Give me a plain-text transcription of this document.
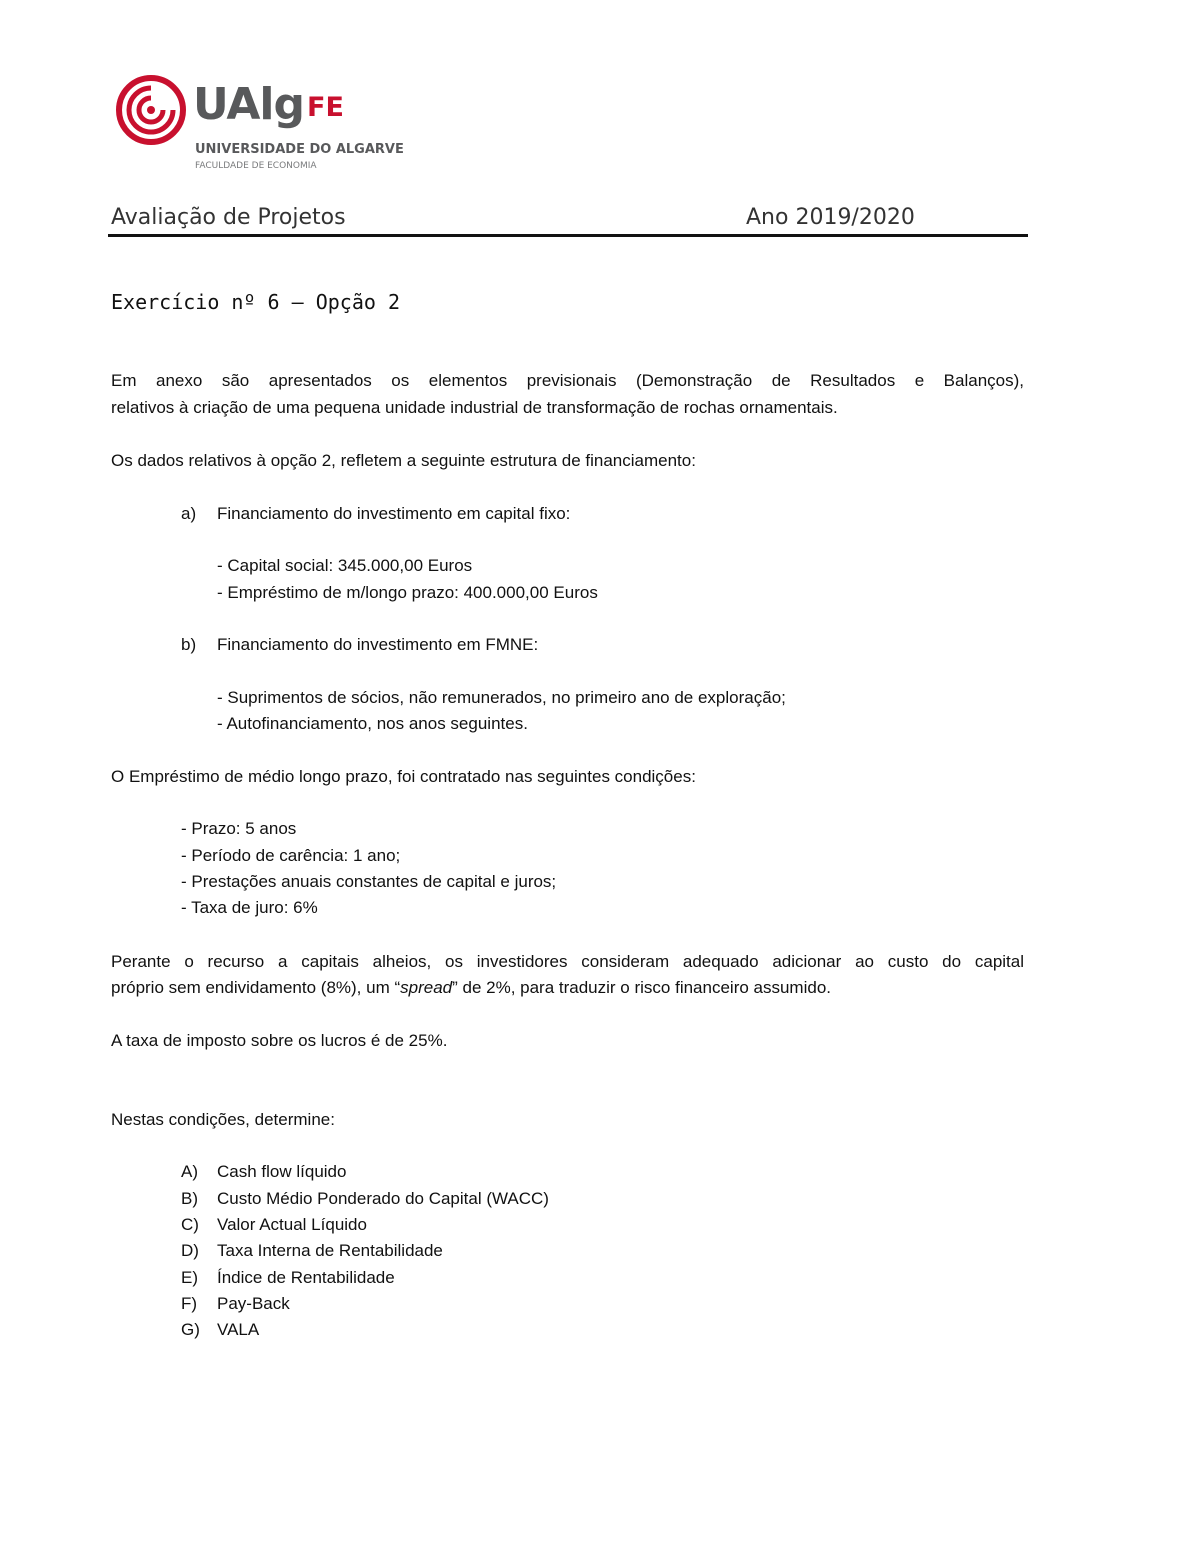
UAlg FE
UNIVERSIDADE DO ALGARVE
FACULDADE DE ECONOMIA
Avaliação de Projetos	Ano 2019/2020
Exercício nº 6 – Opção 2
Em anexo são apresentados os elementos previsionais (Demonstração de Resultados e Balanços),
relativos à criação de uma pequena unidade industrial de transformação de rochas ornamentais.
Os dados relativos à opção 2, refletem a seguinte estrutura de financiamento:
a) Financiamento do investimento em capital fixo:
- Capital social: 345.000,00 Euros
- Empréstimo de m/longo prazo: 400.000,00 Euros
b) Financiamento do investimento em FMNE:
- Suprimentos de sócios, não remunerados, no primeiro ano de exploração;
- Autofinanciamento, nos anos seguintes.
O Empréstimo de médio longo prazo, foi contratado nas seguintes condições:
- Prazo: 5 anos
- Período de carência: 1 ano;
- Prestações anuais constantes de capital e juros;
- Taxa de juro: 6%
Perante o recurso a capitais alheios, os investidores consideram adequado adicionar ao custo do capital
próprio sem endividamento (8%), um “spread” de 2%, para traduzir o risco financeiro assumido.
A taxa de imposto sobre os lucros é de 25%.
Nestas condições, determine:
A) Cash flow líquido
B) Custo Médio Ponderado do Capital (WACC)
C) Valor Actual Líquido
D) Taxa Interna de Rentabilidade
E) Índice de Rentabilidade
F) Pay-Back
G) VALA
